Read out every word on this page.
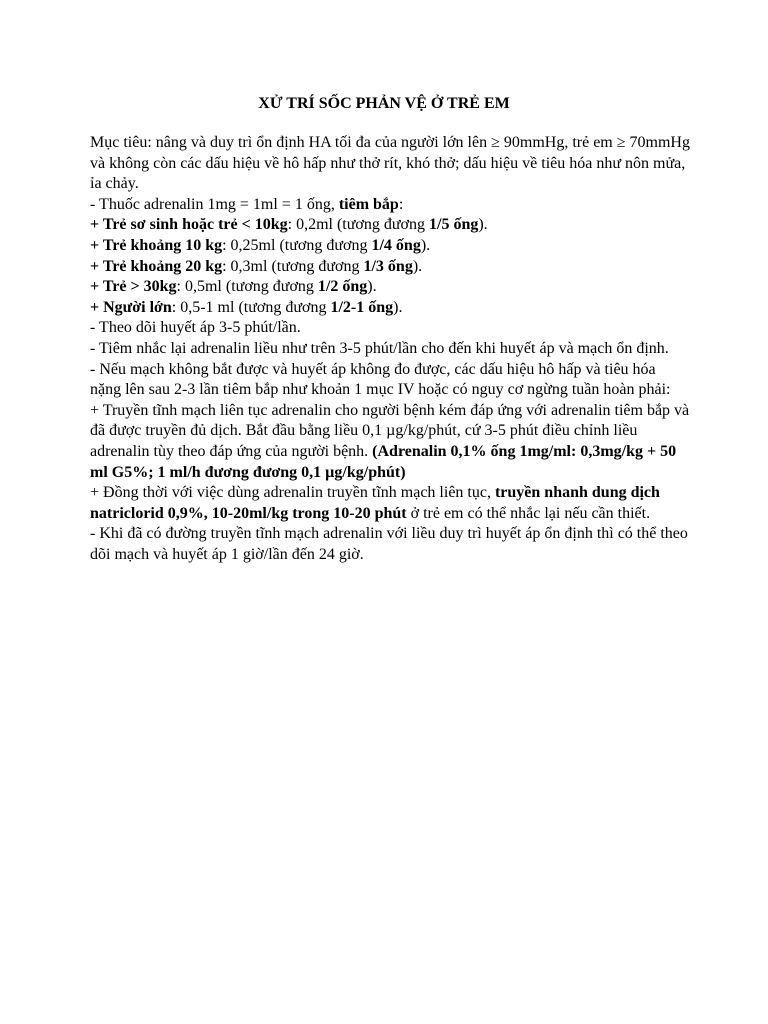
XỬ TRÍ SỐC PHẢN VỆ Ở TRẺ EM

Mục tiêu: nâng và duy trì ổn định HA tối đa của người lớn lên ≥ 90mmHg, trẻ em ≥ 70mmHg và không còn các dấu hiệu về hô hấp như thở rít, khó thở; dấu hiệu về tiêu hóa như nôn mửa, ỉa chảy.

- Thuốc adrenalin 1mg = 1ml = 1 ống, tiêm bắp:

+ Trẻ sơ sinh hoặc trẻ < 10kg: 0,2ml (tương đương 1/5 ống).

+ Trẻ khoảng 10 kg: 0,25ml (tương đương 1/4 ống).

+ Trẻ khoảng 20 kg: 0,3ml (tương đương 1/3 ống).

+ Trẻ > 30kg: 0,5ml (tương đương 1/2 ống).

+ Người lớn: 0,5-1 ml (tương đương 1/2-1 ống).

- Theo dõi huyết áp 3-5 phút/lần.

- Tiêm nhắc lại adrenalin liều như trên 3-5 phút/lần cho đến khi huyết áp và mạch ổn định.

- Nếu mạch không bắt được và huyết áp không đo được, các dấu hiệu hô hấp và tiêu hóa nặng lên sau 2-3 lần tiêm bắp như khoản 1 mục IV hoặc có nguy cơ ngừng tuần hoàn phải:

+ Truyền tĩnh mạch liên tục adrenalin cho người bệnh kém đáp ứng với adrenalin tiêm bắp và đã được truyền đủ dịch. Bắt đầu bằng liều 0,1 µg/kg/phút, cứ 3-5 phút điều chỉnh liều adrenalin tùy theo đáp ứng của người bệnh. (Adrenalin 0,1% ống 1mg/ml: 0,3mg/kg + 50 ml G5%; 1 ml/h đương đương 0,1 µg/kg/phút)

+ Đồng thời với việc dùng adrenalin truyền tĩnh mạch liên tục, truyền nhanh dung dịch natriclorid 0,9%, 10-20ml/kg trong 10-20 phút ở trẻ em có thể nhắc lại nếu cần thiết.

- Khi đã có đường truyền tĩnh mạch adrenalin với liều duy trì huyết áp ổn định thì có thể theo dõi mạch và huyết áp 1 giờ/lần đến 24 giờ.
